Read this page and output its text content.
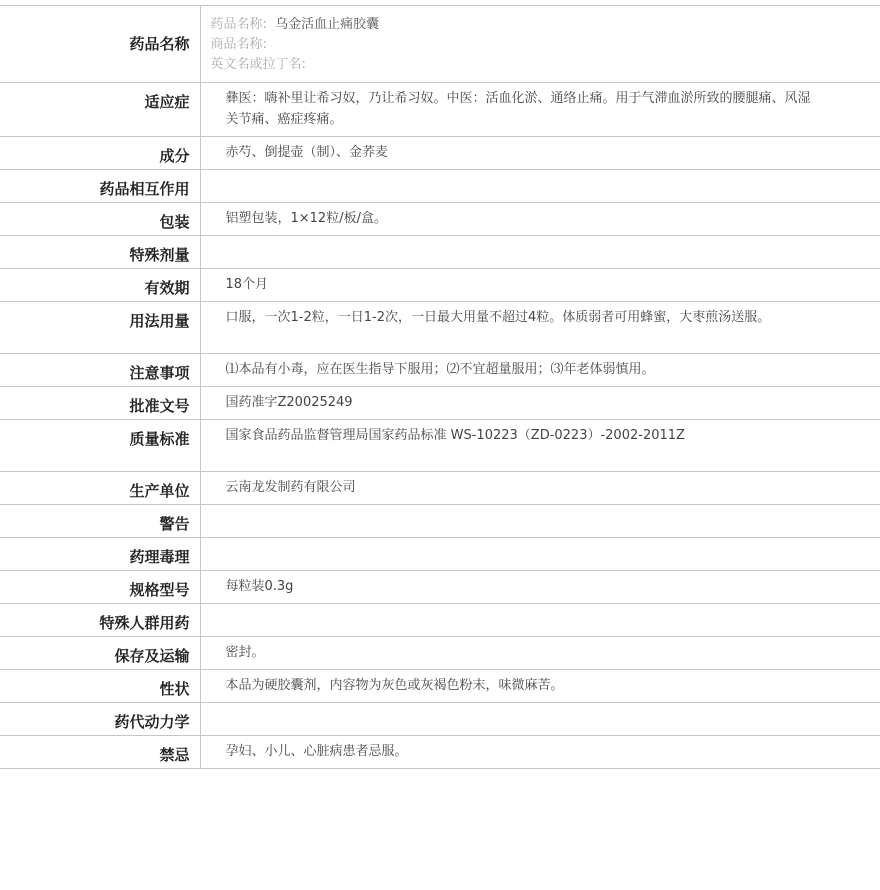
药品名称	药品名称: 乌金活血止痛胶囊
商品名称:
英文名或拉丁名:

适应症	彝医：嗨补里让希习奴，乃让希习奴。中医：活血化淤、通络止痛。用于气滞血淤所致的腰腿痛、风湿关节痛、癌症疼痛。
成分	赤芍、倒提壶（制）、金荞麦
药品相互作用	
包装	铝塑包装，1×12粒/板/盒。
特殊剂量	
有效期	18个月
用法用量	口服，一次1-2粒，一日1-2次，一日最大用量不超过4粒。体质弱者可用蜂蜜，大枣煎汤送服。
注意事项	⑴本品有小毒，应在医生指导下服用；⑵不宜超量服用；⑶年老体弱慎用。
批准文号	国药准字Z20025249
质量标准	国家食品药品监督管理局国家药品标准 WS-10223（ZD-0223）-2002-2011Z
生产单位	云南龙发制药有限公司
警告	
药理毒理	
规格型号	每粒装0.3g
特殊人群用药	
保存及运输	密封。
性状	本品为硬胶囊剂，内容物为灰色或灰褐色粉末，味微麻苦。
药代动力学	
禁忌	孕妇、小儿、心脏病患者忌服。
